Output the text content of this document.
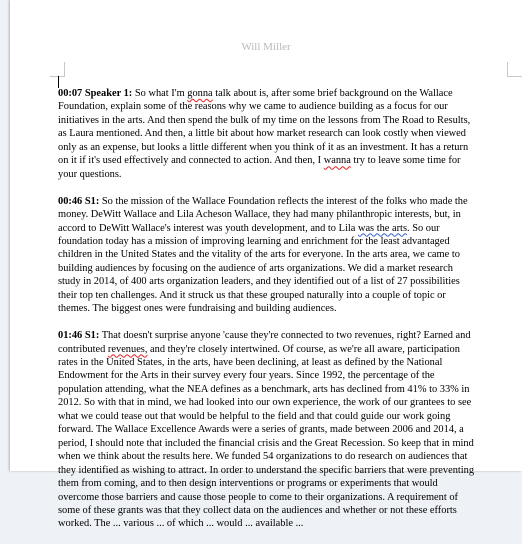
Will Miller
00:07 Speaker 1: So what I'm gonna talk about is, after some brief background on the Wallace
Foundation, explain some of the reasons why we came to audience building as a focus for our
initiatives in the arts. And then spend the bulk of my time on the lessons from The Road to Results,
as Laura mentioned. And then, a little bit about how market research can look costly when viewed
only as an expense, but looks a little different when you think of it as an investment. It has a return
on it if it's used effectively and connected to action. And then, I wanna try to leave some time for
your questions.
00:46 S1: So the mission of the Wallace Foundation reflects the interest of the folks who made the
money. DeWitt Wallace and Lila Acheson Wallace, they had many philanthropic interests, but, in
accord to DeWitt Wallace's interest was youth development, and to Lila was the arts. So our
foundation today has a mission of improving learning and enrichment for the least advantaged
children in the United States and the vitality of the arts for everyone. In the arts area, we came to
building audiences by focusing on the audience of arts organizations. We did a market research
study in 2014, of 400 arts organization leaders, and they identified out of a list of 27 possibilities
their top ten challenges. And it struck us that these grouped naturally into a couple of topic or
themes. The biggest ones were fundraising and building audiences.
01:46 S1: That doesn't surprise anyone 'cause they're connected to two revenues, right? Earned and
contributed revenues, and they're closely intertwined. Of course, as we're all aware, participation
rates in the United States, in the arts, have been declining, at least as defined by the National
Endowment for the Arts in their survey every four years. Since 1992, the percentage of the
population attending, what the NEA defines as a benchmark, arts has declined from 41% to 33% in
2012. So with that in mind, we had looked into our own experience, the work of our grantees to see
what we could tease out that would be helpful to the field and that could guide our work going
forward. The Wallace Excellence Awards were a series of grants, made between 2006 and 2014, a
period, I should note that included the financial crisis and the Great Recession. So keep that in mind
when we think about the results here. We funded 54 organizations to do research on audiences that
they identified as wishing to attract. In order to understand the specific barriers that were preventing
them from coming, and to then design interventions or programs or experiments that would
overcome those barriers and cause those people to come to their organizations. A requirement of
some of these grants was that they collect data on the audiences and whether or not these efforts
worked. The ... various ... of which ... would ... available ...
